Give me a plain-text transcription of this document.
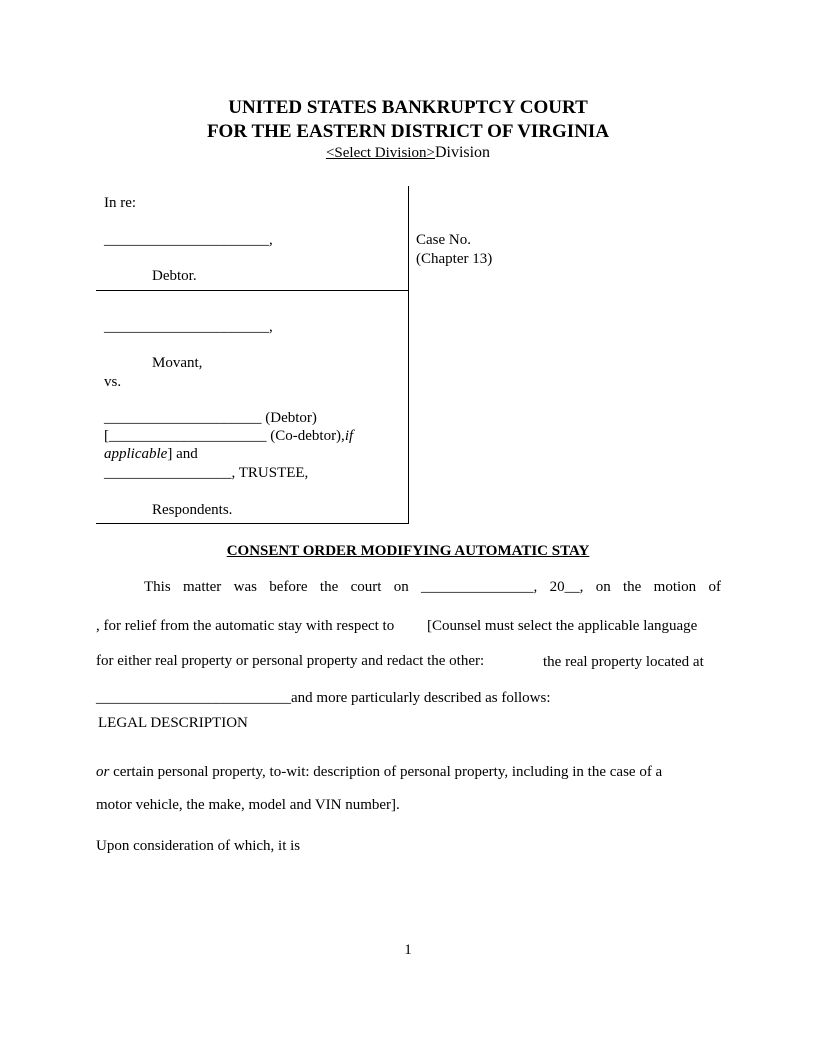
UNITED STATES BANKRUPTCY COURT
FOR THE EASTERN DISTRICT OF VIRGINIA
<Select Division>Division
In re:
______________________,
Debtor.
______________________,
Movant,
vs.
_____________________ (Debtor)
[_____________________ (Co-debtor),if
applicable] and
_________________, TRUSTEE,
Respondents.
Case No.
(Chapter 13)
CONSENT ORDER MODIFYING AUTOMATIC STAY
This matter was before the court on _______________, 20__, on the motion of
, for relief from the automatic stay with respect to [Counsel must select the applicable language
for either real property or personal property and redact the other:	the real property located at
__________________________and more particularly described as follows:
LEGAL DESCRIPTION
or certain personal property, to-wit: description of personal property, including in the case of a
motor vehicle, the make, model and VIN number].
Upon consideration of which, it is
1
